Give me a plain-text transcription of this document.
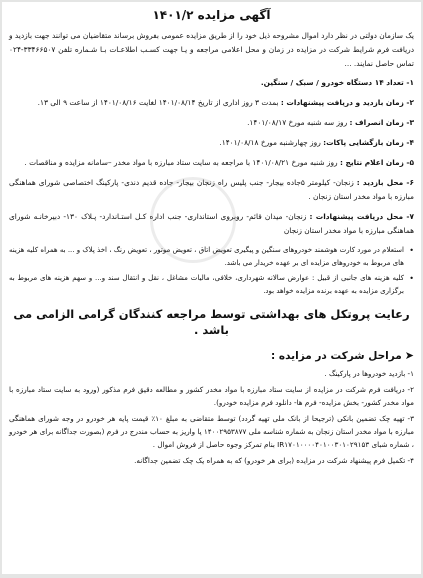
آگهی مزایده ۱۴۰۱/۲

یک سازمان دولتی در نظر دارد اموال مشروحه ذیل خود را از طریق مزایده عمومی بفروش برساند متقاضیان می توانند جهت بازدید و دریافت فرم شرایط شرکت در مزایده در زمان و محل اعلامی مراجعه و یـا جهت کسـب اطلاعـات بـا شـماره تلفن ۳۳۴۶۶۵۰۷-۰۲۴ تماس حاصل نمایند. ...

۱- تعداد ۱۴ دستگاه خودرو / سبک / سنگین.
۲- زمان بازدید و دریافت پیشنهادات : بمدت ۳ روز اداری از تاریخ ۱۴۰۱/۰۸/۱۴ لغایت ۱۴۰۱/۰۸/۱۶ از ساعت ۹ الی ۱۳.
۳- زمان انصراف : روز سه شنبه مورخ ۱۴۰۱/۰۸/۱۷.
۴- زمان بازگشایی پاکات: روز چهارشنبه مورخ ۱۴۰۱/۰۸/۱۸.
۵- زمان اعلام نتایج : روز شنبه مورخ ۱۴۰۱/۰۸/۲۱ با مراجعه به سایت ستاد مبارزه با مواد مخدر –سامانه مزایده و مناقصات .
۶- محل بازدید : زنجان- کیلومتر ۵جاده بیجار- جنب پلیس راه زنجان بیجار- جاده قدیم دندی- پارکینگ اختصاصی شورای هماهنگی مبارزه با مواد مخدر استان زنجان .
۷- محل دریافت پیشنهادات : زنجان- میدان قائم- روبروی استانداری- جنب اداره کـل استـاندارد- پـلاک ۱۳۰- دبیرخانـه شورای هماهنگی مبارزه با مواد مخدر استان زنجان
•
استعلام در مورد کارت هوشمند خودروهای سنگین و پیگیری تعویض اتاق ، تعویض موتور ، تعویض رنگ ، اخذ پلاک و ... به همراه کلیه هزینه های مربوط به خودروهای مزایده ای بر عهده خریدار می باشد.
•
کلیه هزینه های جانبی از قبیل : عوارض سالانه شهرداری، خلافی، مالیات مشاغل ، نقل و انتقال سند و... و سهم هزینه های مربوط به برگزاری مزایده به عهده برنده مزایده خواهد بود.
رعایت پروتکل های بهداشتی توسط مراجعه کنندگان گرامی الزامی می باشد .
➤مراحل شرکت در مزایده :
۱- بازدید خودروها در پارکینگ .
۲- دریافت فرم شرکت در مزایده از سایت ستاد مبارزه با مواد مخدر کشور و مطالعه دقیق فرم مذکور (ورود به سایت ستاد مبارزه با مواد مخدر کشور- بخش مزایده- فرم ها- دانلود فرم مزایده خودرو).
۳- تهیه چک تضمین بانکی (ترجیحا از بانک ملی تهیه گردد) توسط متقاضی به مبلغ ۱۰٪ قیمت پایه هر خودرو در وجه شورای هماهنگی مبارزه با مواد مخدر استان زنجان به شماره شناسه ملی ۱۴۰۰۲۹۵۳۸۷۷ یا واریز به حساب مندرج در فرم (بصورت جداگانه برای هر خودرو ، شماره شبای IR۱۷۰۱۰۰۰۰۴۰۱۰۰۳۰۱۰۲۹۱۵۳ بنام تمرکز وجوه حاصل از فروش اموال .
۴- تکمیل فرم پیشنهاد شرکت در مزایده (برای هر خودرو) که به همراه یک چک تضمین جداگانه.
